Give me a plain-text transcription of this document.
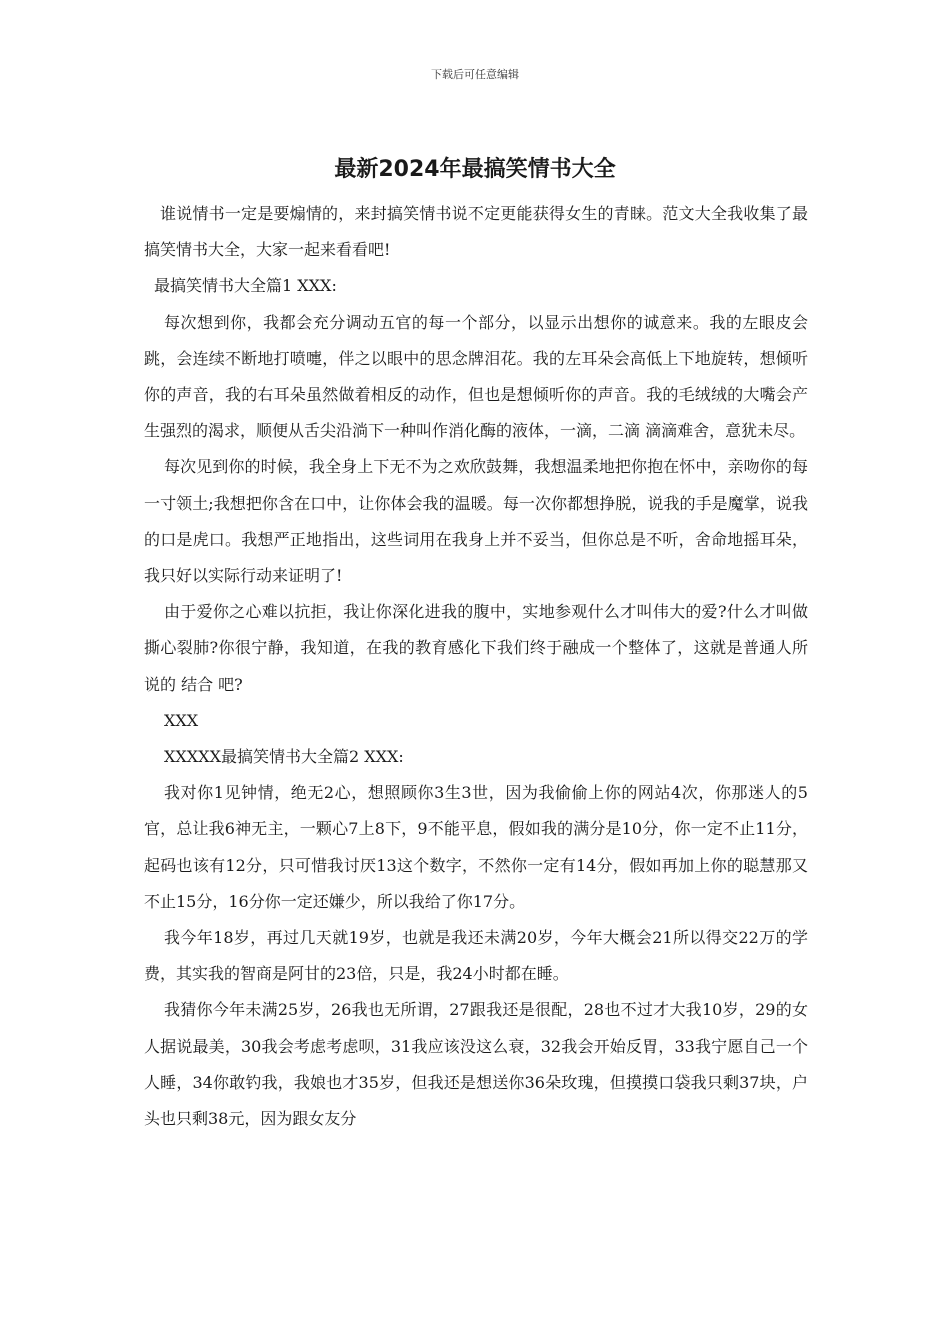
下载后可任意编辑
最新2024年最搞笑情书大全

谁说情书一定是要煽情的，来封搞笑情书说不定更能获得女生的青睐。范文大全我收集了最搞笑情书大全，大家一起来看看吧!

最搞笑情书大全篇1 XXX:

每次想到你，我都会充分调动五官的每一个部分，以显示出想你的诚意来。我的左眼皮会跳，会连续不断地打喷嚏，伴之以眼中的思念牌泪花。我的左耳朵会高低上下地旋转，想倾听你的声音，我的右耳朵虽然做着相反的动作，但也是想倾听你的声音。我的毛绒绒的大嘴会产生强烈的渴求，顺便从舌尖沿淌下一种叫作消化酶的液体，一滴，二滴 滴滴难舍，意犹未尽。

每次见到你的时候，我全身上下无不为之欢欣鼓舞，我想温柔地把你抱在怀中，亲吻你的每一寸领土;我想把你含在口中，让你体会我的温暖。每一次你都想挣脱，说我的手是魔掌，说我的口是虎口。我想严正地指出，这些词用在我身上并不妥当，但你总是不听，舍命地摇耳朵，我只好以实际行动来证明了!

由于爱你之心难以抗拒，我让你深化进我的腹中，实地参观什么才叫伟大的爱?什么才叫做撕心裂肺?你很宁静，我知道，在我的教育感化下我们终于融成一个整体了，这就是普通人所说的 结合 吧?

XXX

XXXXX最搞笑情书大全篇2 XXX:

我对你1见钟情，绝无2心，想照顾你3生3世，因为我偷偷上你的网站4次，你那迷人的5官，总让我6神无主，一颗心7上8下，9不能平息，假如我的满分是10分，你一定不止11分，起码也该有12分，只可惜我讨厌13这个数字，不然你一定有14分，假如再加上你的聪慧那又不止15分，16分你一定还嫌少，所以我给了你17分。

我今年18岁，再过几天就19岁，也就是我还未满20岁，今年大概会21所以得交22万的学费，其实我的智商是阿甘的23倍，只是，我24小时都在睡。

我猜你今年未满25岁，26我也无所谓，27跟我还是很配，28也不过才大我10岁，29的女人据说最美，30我会考虑考虑呗，31我应该没这么衰，32我会开始反胃，33我宁愿自己一个人睡，34你敢钓我，我娘也才35岁，但我还是想送你36朵玫瑰，但摸摸口袋我只剩37块，户头也只剩38元，因为跟女友分
